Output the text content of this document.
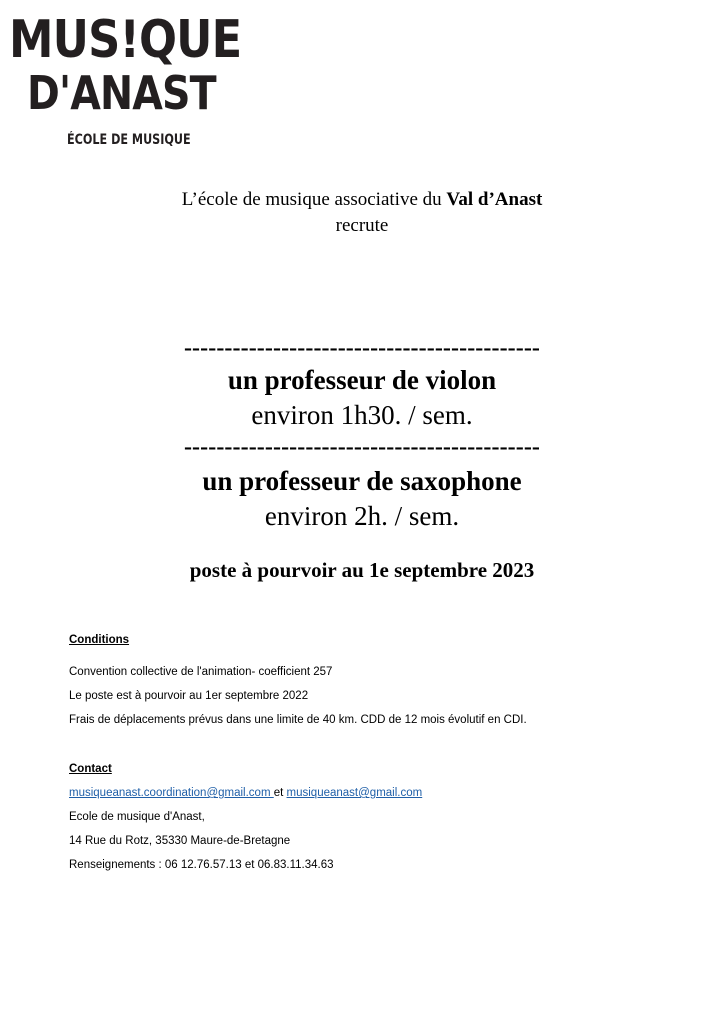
MUS!QUE
D'ANAST
ÉCOLE DE MUSIQUE
L’école de musique associative du Val d’Anast
recrute
--------------------------------------------
un professeur de violon
environ 1h30. / sem.
--------------------------------------------
un professeur de saxophone
environ 2h. / sem.
poste à pourvoir au 1e septembre 2023
Conditions
Convention collective de l'animation- coefficient 257
Le poste est à pourvoir au 1er septembre 2022
Frais de déplacements prévus dans une limite de 40 km. CDD de 12 mois évolutif en CDI.
Contact
musiqueanast.coordination@gmail.com et musiqueanast@gmail.com
Ecole de musique d'Anast,
14 Rue du Rotz, 35330 Maure-de-Bretagne
Renseignements : 06 12.76.57.13 et 06.83.11.34.63
